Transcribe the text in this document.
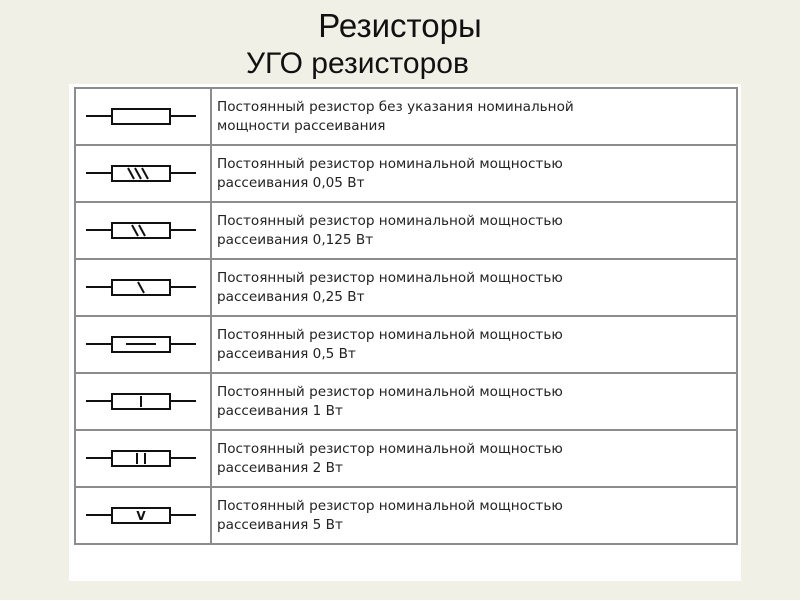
Резисторы
УГО резисторов

Постоянный резистор без указания номинальной
мощности рассеивания

Постоянный резистор номинальной мощностью
рассеивания 0,05 Вт

Постоянный резистор номинальной мощностью
рассеивания 0,125 Вт

Постоянный резистор номинальной мощностью
рассеивания 0,25 Вт

Постоянный резистор номинальной мощностью
рассеивания 0,5 Вт

Постоянный резистор номинальной мощностью
рассеивания 1 Вт

Постоянный резистор номинальной мощностью
рассеивания 2 Вт

V	Постоянный резистор номинальной мощностью
рассеивания 5 Вт
